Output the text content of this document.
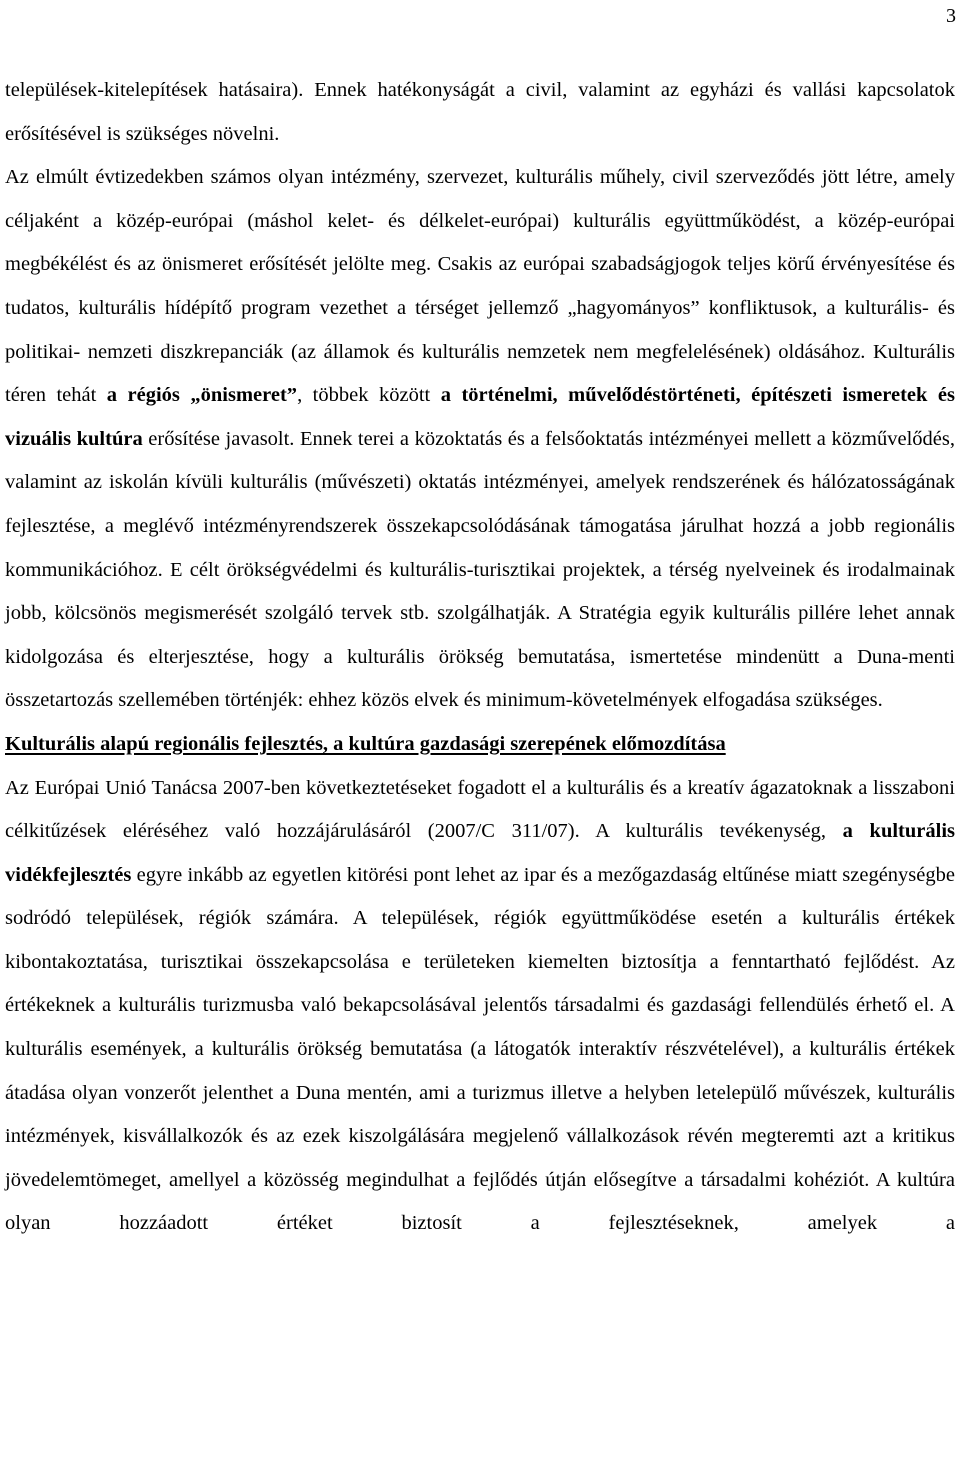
3

települések-kitelepítések hatásaira). Ennek hatékonyságát a civil, valamint az egyházi és vallási kapcsolatok erősítésével is szükséges növelni.

Az elmúlt évtizedekben számos olyan intézmény, szervezet, kulturális műhely, civil szerveződés jött létre, amely céljaként a közép-európai (máshol kelet- és délkelet-európai) kulturális együttműködést, a közép-európai megbékélést és az önismeret erősítését jelölte meg. Csakis az európai szabadságjogok teljes körű érvényesítése és tudatos, kulturális hídépítő program vezethet a térséget jellemző „hagyományos” konfliktusok, a kulturális- és politikai- nemzeti diszkrepanciák (az államok és kulturális nemzetek nem megfelelésének) oldásához. Kulturális téren tehát a régiós „önismeret”, többek között a történelmi, művelődéstörténeti, építészeti ismeretek és vizuális kultúra erősítése javasolt. Ennek terei a közoktatás és a felsőoktatás intézményei mellett a közművelődés, valamint az iskolán kívüli kulturális (művészeti) oktatás intézményei, amelyek rendszerének és hálózatosságának fejlesztése, a meglévő intézményrendszerek összekapcsolódásának támogatása járulhat hozzá a jobb regionális kommunikációhoz. E célt örökségvédelmi és kulturális-turisztikai projektek, a térség nyelveinek és irodalmainak jobb, kölcsönös megismerését szolgáló tervek stb. szolgálhatják. A Stratégia egyik kulturális pillére lehet annak kidolgozása és elterjesztése, hogy a kulturális örökség bemutatása, ismertetése mindenütt a Duna-menti összetartozás szellemében történjék: ehhez közös elvek és minimum-követelmények elfogadása szükséges.

Kulturális alapú regionális fejlesztés, a kultúra gazdasági szerepének előmozdítása

Az Európai Unió Tanácsa 2007-ben következtetéseket fogadott el a kulturális és a kreatív ágazatoknak a lisszaboni célkitűzések eléréséhez való hozzájárulásáról (2007/C 311/07). A kulturális tevékenység, a kulturális vidékfejlesztés egyre inkább az egyetlen kitörési pont lehet az ipar és a mezőgazdaság eltűnése miatt szegénységbe sodródó települések, régiók számára. A települések, régiók együttműködése esetén a kulturális értékek kibontakoztatása, turisztikai összekapcsolása e területeken kiemelten biztosítja a fenntartható fejlődést. Az értékeknek a kulturális turizmusba való bekapcsolásával jelentős társadalmi és gazdasági fellendülés érhető el. A kulturális események, a kulturális örökség bemutatása (a látogatók interaktív részvételével), a kulturális értékek átadása olyan vonzerőt jelenthet a Duna mentén, ami a turizmus illetve a helyben letelepülő művészek, kulturális intézmények, kisvállalkozók és az ezek kiszolgálására megjelenő vállalkozások révén megteremti azt a kritikus jövedelemtömeget, amellyel a közösség megindulhat a fejlődés útján elősegítve a társadalmi kohéziót. A kultúra olyan hozzáadott értéket biztosít a fejlesztéseknek, amelyek a
